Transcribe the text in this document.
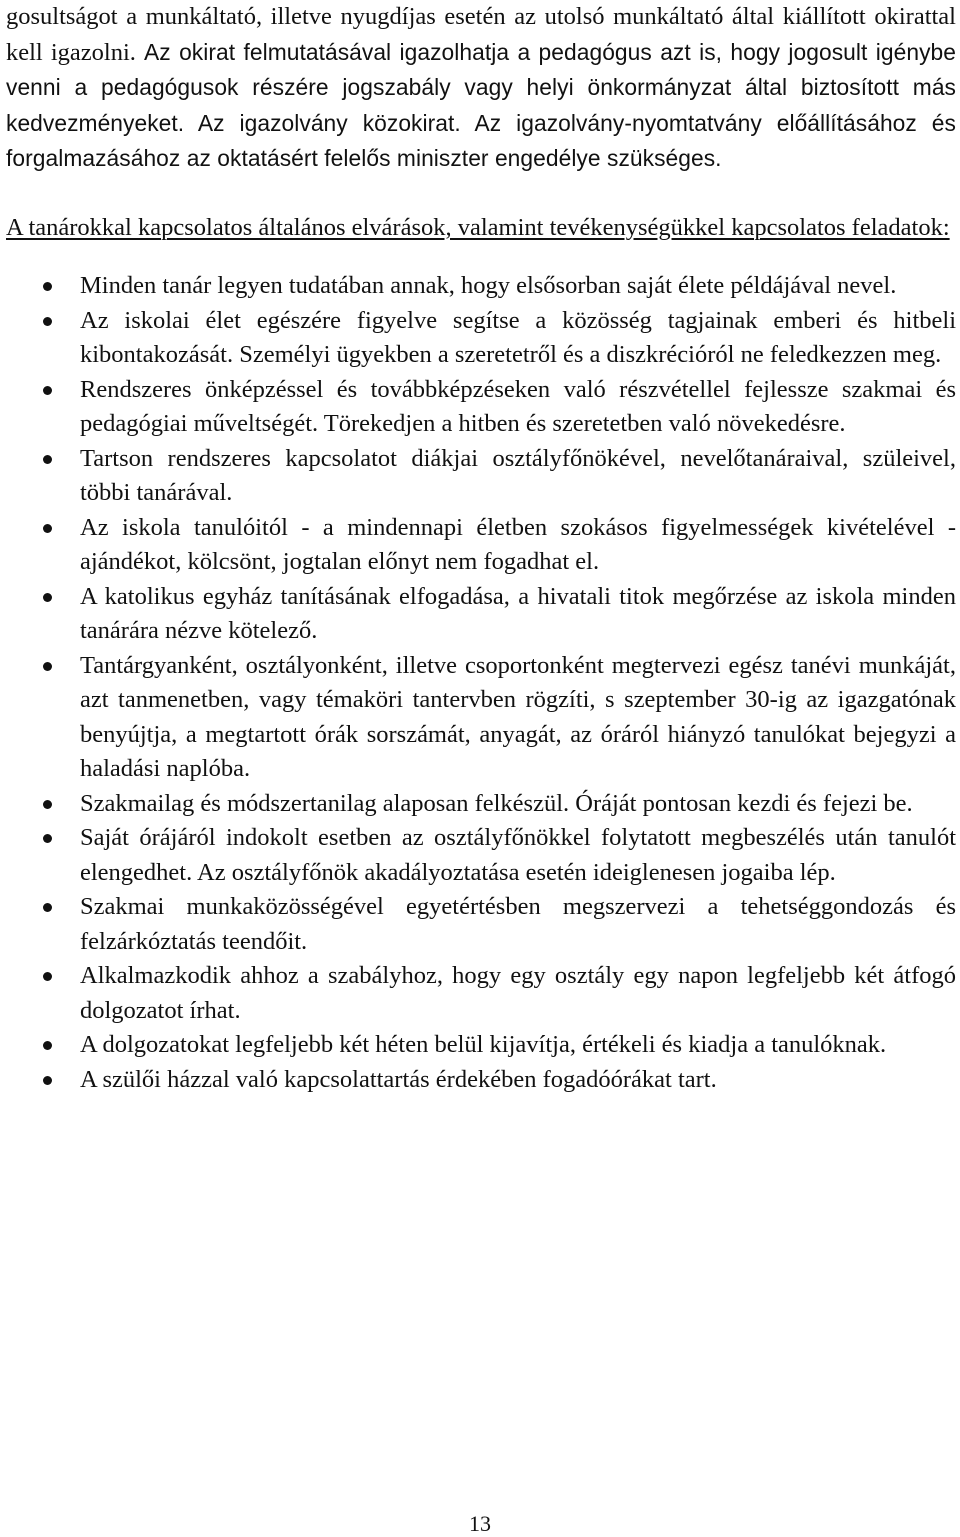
gosultságot a munkáltató, illetve nyugdíjas esetén az utolsó munkáltató által kiállított okirattal kell igazolni. Az okirat felmutatásával igazolhatja a pedagógus azt is, hogy jogosult igénybe venni a pedagógusok részére jogszabály vagy helyi önkormányzat által biztosított más kedvezményeket. Az igazolvány közokirat. Az igazolvány-nyomtatvány előállításához és forgalmazásához az oktatásért felelős miniszter engedélye szükséges.

A tanárokkal kapcsolatos általános elvárások, valamint tevékenységükkel kapcsolatos feladatok:

Minden tanár legyen tudatában annak, hogy elsősorban saját élete példájával nevel.
Az iskolai élet egészére figyelve segítse a közösség tagjainak emberi és hitbeli kibontakozását. Személyi ügyekben a szeretetről és a diszkrécióról ne feledkezzen meg.
Rendszeres önképzéssel és továbbképzéseken való részvétellel fejlessze szakmai és pedagógiai műveltségét. Törekedjen a hitben és szeretetben való növekedésre.
Tartson rendszeres kapcsolatot diákjai osztályfőnökével, nevelőtanáraival, szüleivel, többi tanárával.
Az iskola tanulóitól - a mindennapi életben szokásos figyelmességek kivételével - ajándékot, kölcsönt, jogtalan előnyt nem fogadhat el.
A katolikus egyház tanításának elfogadása, a hivatali titok megőrzése az iskola minden tanárára nézve kötelező.
Tantárgyanként, osztályonként, illetve csoportonként megtervezi egész tanévi munkáját, azt tanmenetben, vagy témaköri tantervben rögzíti, s szeptember 30-ig az igazgatónak benyújtja, a megtartott órák sorszámát, anyagát, az óráról hiányzó tanulókat bejegyzi a haladási naplóba.
Szakmailag és módszertanilag alaposan felkészül. Óráját pontosan kezdi és fejezi be.
Saját órájáról indokolt esetben az osztályfőnökkel folytatott megbeszélés után tanulót elengedhet. Az osztályfőnök akadályoztatása esetén ideiglenesen jogaiba lép.
Szakmai munkaközösségével egyetértésben megszervezi a tehetséggondozás és felzárkóztatás teendőit.
Alkalmazkodik ahhoz a szabályhoz, hogy egy osztály egy napon legfeljebb két átfogó dolgozatot írhat.
A dolgozatokat legfeljebb két héten belül kijavítja, értékeli és kiadja a tanulóknak.
A szülői házzal való kapcsolattartás érdekében fogadóórákat tart.
13
